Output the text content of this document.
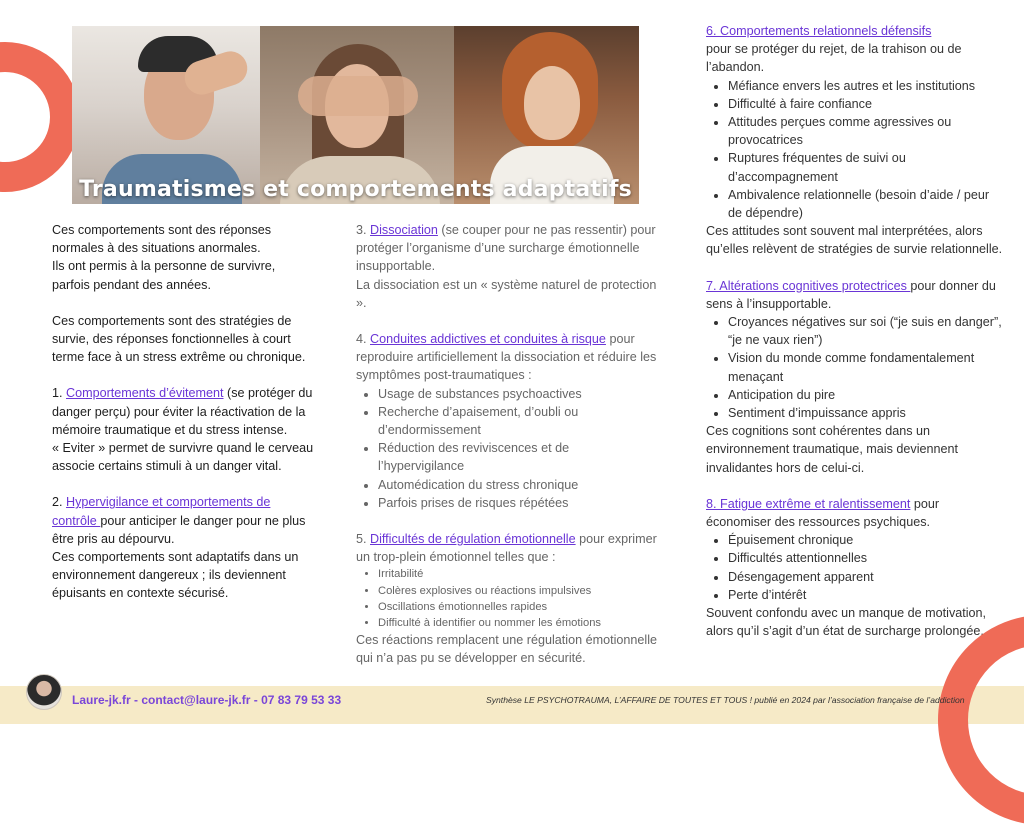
Traumatismes et comportements adaptatifs

Ces comportements sont des réponses normales à des situations anormales.
Ils ont permis à la personne de survivre, parfois pendant des années.

Ces comportements sont des stratégies de survie, des réponses fonctionnelles à court terme face à un stress extrême ou chronique.

1. Comportements d’évitement (se protéger du danger perçu) pour éviter la réactivation de la mémoire traumatique et du stress intense.

« Eviter » permet de survivre quand le cerveau associe certains stimuli à un danger vital.

2. Hypervigilance et comportements de contrôle pour anticiper le danger pour ne plus être pris au dépourvu.

Ces comportements sont adaptatifs dans un environnement dangereux ; ils deviennent épuisants en contexte sécurisé.

3. Dissociation (se couper pour ne pas ressentir) pour protéger l’organisme d’une surcharge émotionnelle insupportable.

La dissociation est un « système naturel de protection ».

4. Conduites addictives et conduites à risque pour reproduire artificiellement la dissociation et réduire les symptômes post-traumatiques :

• Usage de substances psychoactives
• Recherche d’apaisement, d’oubli ou d’endormissement
• Réduction des reviviscences et de l’hypervigilance
• Automédication du stress chronique
• Parfois prises de risques répétées

5. Difficultés de régulation émotionnelle pour exprimer un trop-plein émotionnel telles que :

• Irritabilité
• Colères explosives ou réactions impulsives
• Oscillations émotionnelles rapides
• Difficulté à identifier ou nommer les émotions

Ces réactions remplacent une régulation émotionnelle qui n’a pas pu se développer en sécurité.

6. Comportements relationnels défensifs

pour se protéger du rejet, de la trahison ou de l’abandon.

• Méfiance envers les autres et les institutions
• Difficulté à faire confiance
• Attitudes perçues comme agressives ou provocatrices
• Ruptures fréquentes de suivi ou d’accompagnement
• Ambivalence relationnelle (besoin d’aide / peur de dépendre)

Ces attitudes sont souvent mal interprétées, alors qu’elles relèvent de stratégies de survie relationnelle.

7. Altérations cognitives protectrices pour donner du sens à l’insupportable.

• Croyances négatives sur soi (“je suis en danger”, “je ne vaux rien”)
• Vision du monde comme fondamentalement menaçant
• Anticipation du pire
• Sentiment d’impuissance appris

Ces cognitions sont cohérentes dans un environnement traumatique, mais deviennent invalidantes hors de celui-ci.

8. Fatigue extrême et ralentissement pour économiser des ressources psychiques.

• Épuisement chronique
• Difficultés attentionnelles
• Désengagement apparent
• Perte d’intérêt

Souvent confondu avec un manque de motivation, alors qu’il s’agit d’un état de surcharge prolongée.

Laure-jk.fr - contact@laure-jk.fr - 07 83 79 53 33	Synthèse LE PSYCHOTRAUMA, L’AFFAIRE DE TOUTES ET TOUS ! publié en 2024 par l’association française de l’addiction
